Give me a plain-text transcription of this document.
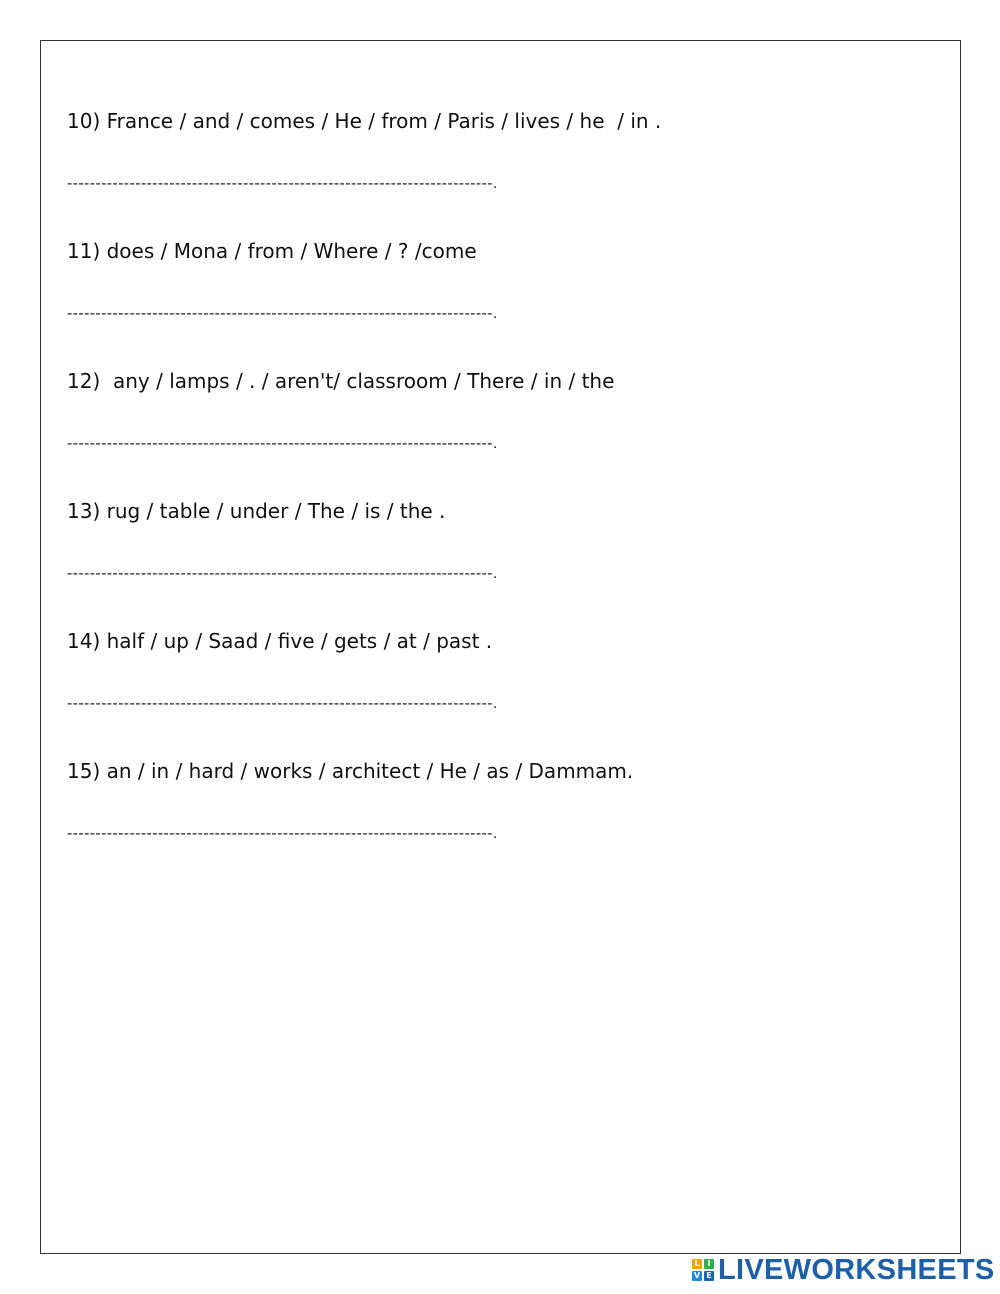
10) France / and / comes / He / from / Paris / lives / he  / in .
---------------------------------------------------------------------------.
11) does / Mona / from / Where / ? /come
---------------------------------------------------------------------------.
12)  any / lamps / . / aren't/ classroom / There / in / the
---------------------------------------------------------------------------.
13) rug / table / under / The / is / the .
---------------------------------------------------------------------------.
14) half / up / Saad / five / gets / at / past .
---------------------------------------------------------------------------.
15) an / in / hard / works / architect / He / as / Dammam.
---------------------------------------------------------------------------.
L I
V E LIVEWORKSHEETS
